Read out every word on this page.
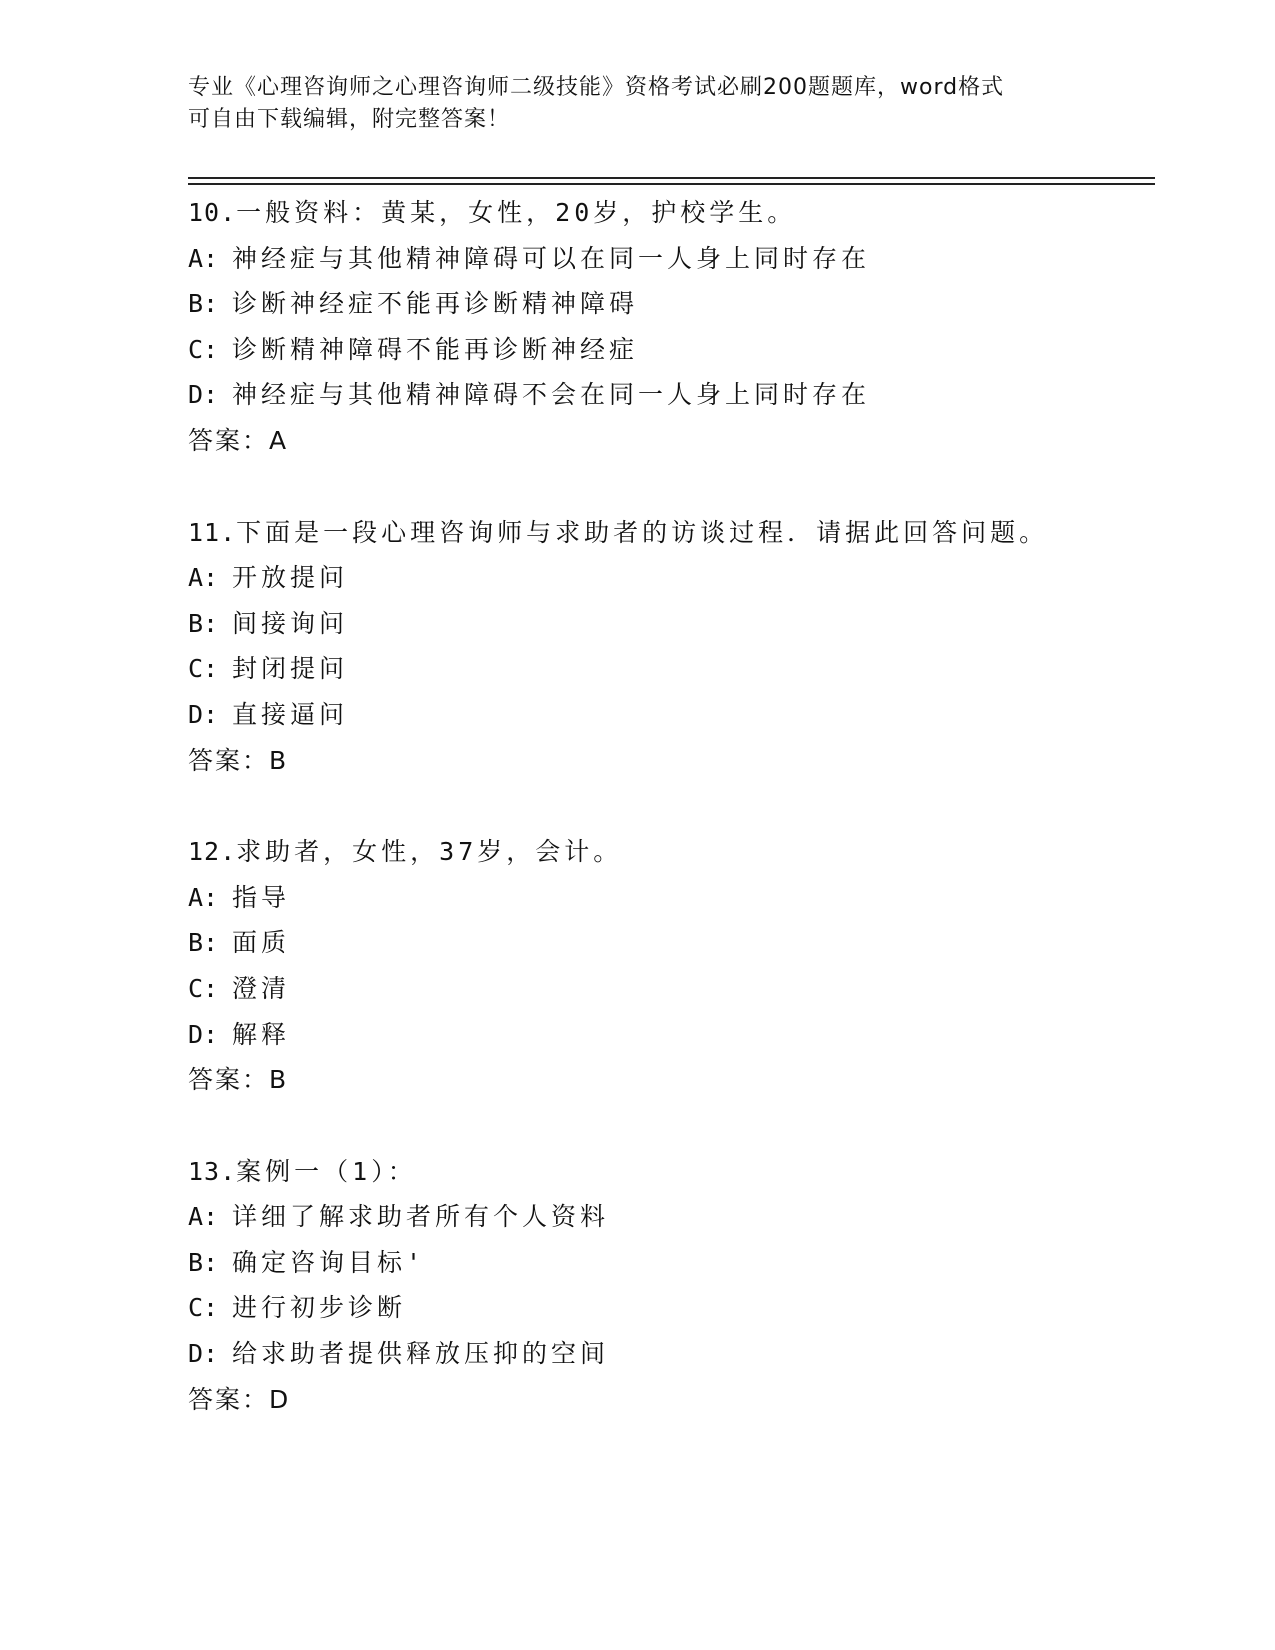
专业《心理咨询师之心理咨询师二级技能》资格考试必刷200题题库，word格式
可自由下载编辑，附完整答案！
10.一般资料：黄某，女性，20岁，护校学生。
A: 神经症与其他精神障碍可以在同一人身上同时存在
B: 诊断神经症不能再诊断精神障碍
C: 诊断精神障碍不能再诊断神经症
D: 神经症与其他精神障碍不会在同一人身上同时存在
答案：A
11.下面是一段心理咨询师与求助者的访谈过程．请据此回答问题。
A: 开放提问
B: 间接询问
C: 封闭提问
D: 直接逼问
答案：B
12.求助者，女性，37岁，会计。
A: 指导
B: 面质
C: 澄清
D: 解释
答案：B
13.案例一（1）：
A: 详细了解求助者所有个人资料
B: 确定咨询目标'
C: 进行初步诊断
D: 给求助者提供释放压抑的空间
答案：D
